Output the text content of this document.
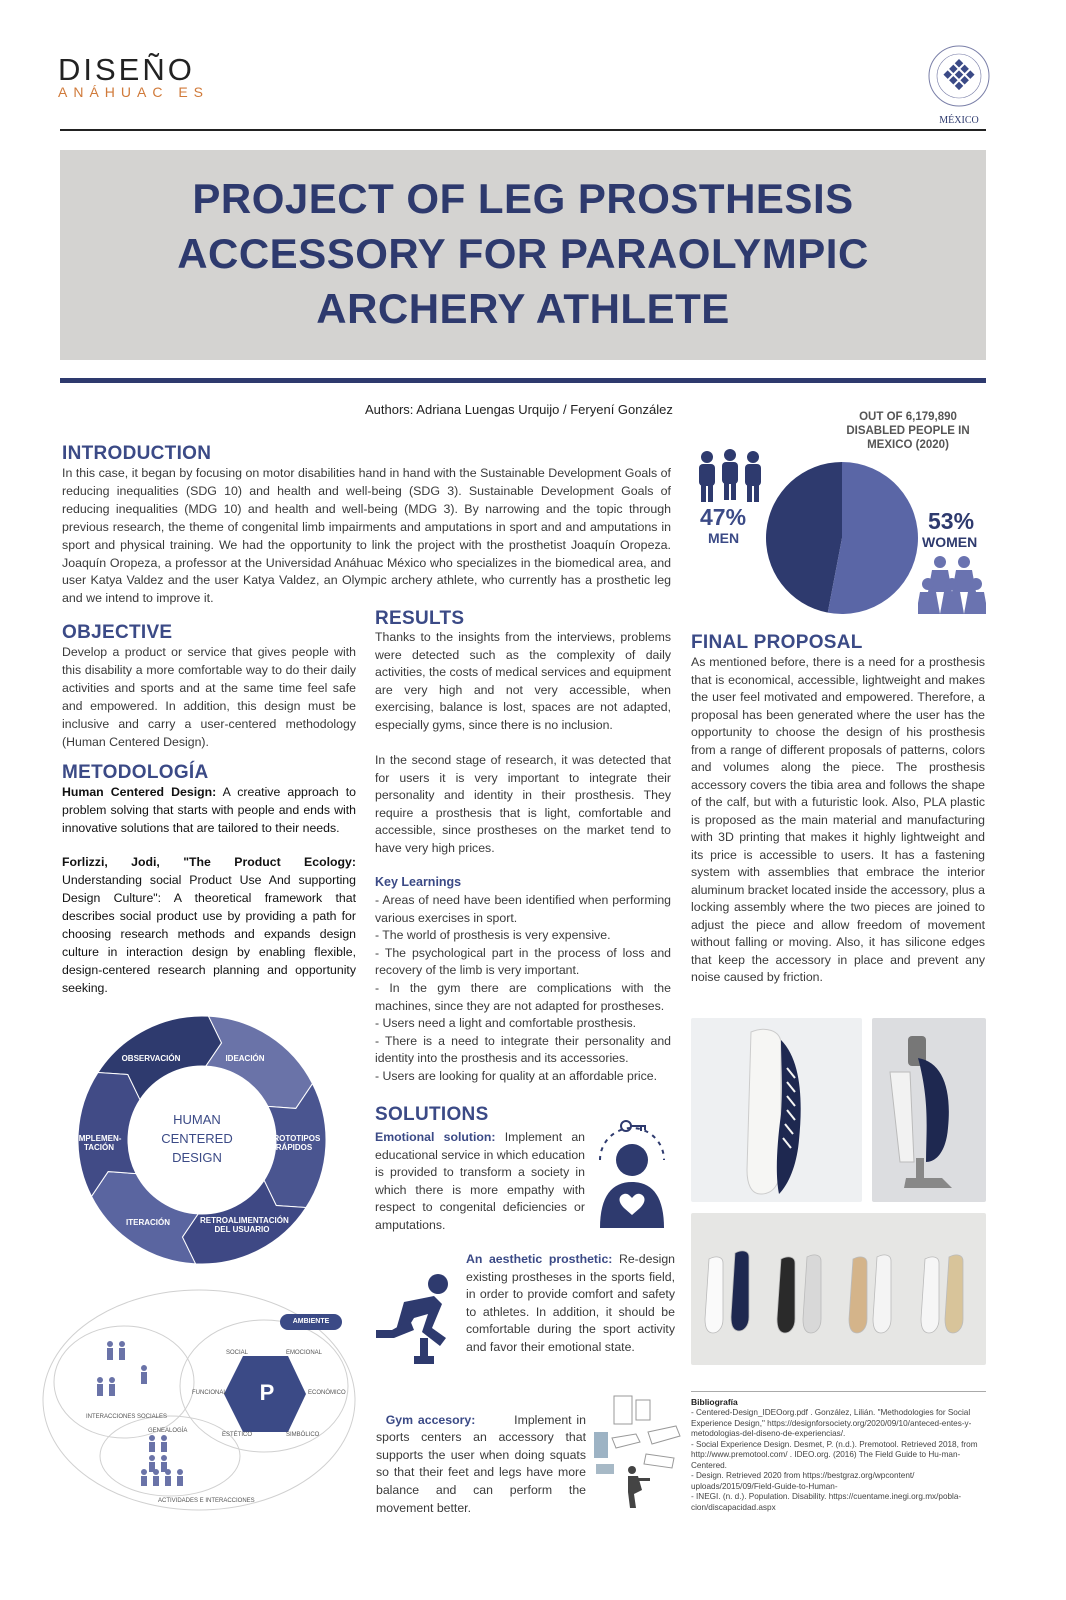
DISEÑO
ANÁHUAC ES
MÉXICO
PROJECT OF LEG PROSTHESIS
ACCESSORY FOR PARAOLYMPIC
ARCHERY ATHLETE
Authors: Adriana Luengas Urquijo / Feryení González	OUT OF 6,179,890
DISABLED PEOPLE IN
MEXICO (2020)
47%
MEN
53%
WOMEN
INTRODUCTION
In this case, it began by focusing on motor disabilities hand in hand with the Sustainable Development Goals of reducing inequalities (SDG 10) and health and well-being (SDG 3). Sustainable Development Goals of reducing inequalities (MDG 10) and health and well-being (MDG 3). By narrowing and the topic through previous research, the theme of congenital limb impairments and amputations in sport and and amputations in sport and physical training. We had the opportunity to link the project with the prosthetist Joaquín Oropeza. Joaquín Oropeza, a professor at the Universidad Anáhuac México who specializes in the biomedical area, and user Katya Valdez and the user Katya Valdez, an Olympic archery athlete, who currently has a prosthetic leg and we intend to improve it.
OBJECTIVE
Develop a product or service that gives people with this disability a more comfortable way to do their daily activities and sports and at the same time feel safe and empowered. In addition, this design must be inclusive and carry a user-centered methodology (Human Centered Design).
METODOLOGÍA
Human Centered Design: A creative approach to problem solving that starts with people and ends with innovative solutions that are tailored to their needs.
Forlizzi, Jodi, "The Product Ecology: Understanding social Product Use And supporting Design Culture": A theoretical framework that describes social product use by providing a path for choosing research methods and expands design culture in interaction design by enabling flexible, design-centered research planning and opportunity seeking.
HUMAN
CENTERED
DESIGN
OBSERVACIÓN	IDEACIÓN
PROTOTIPOS RÁPIDOS
RETROALIMENTACIÓN DEL USUARIO
ITERACIÓN
IMPLEMEN- TACIÓN
AMBIENTE
P
SOCIAL	EMOCIONAL
FUNCIONAL	ECONÓMICO
ESTÉTICO	SIMBÓLICO
INTERACCIONES SOCIALES
GENEALOGÍA
ACTIVIDADES E INTERACCIONES
RESULTS
Thanks to the insights from the interviews, problems were detected such as the complexity of daily activities, the costs of medical services and equipment are very high and not very accessible, when exercising, balance is lost, spaces are not adapted, especially gyms, since there is no inclusion.
In the second stage of research, it was detected that for users it is very important to integrate their personality and identity in their prosthesis. They require a prosthesis that is light, comfortable and accessible, since prostheses on the market tend to have very high prices.
Key Learnings
- Areas of need have been identified when performing various exercises in sport.
- The world of prosthesis is very expensive.
- The psychological part in the process of loss and recovery of the limb is very important.
- In the gym there are complications with the machines, since they are not adapted for prostheses.
- Users need a light and comfortable prosthesis.
- There is a need to integrate their personality and identity into the prosthesis and its accessories.
- Users are looking for quality at an affordable price.
SOLUTIONS
Emotional solution: Implement an educational service in which education is provided to transform a society in which there is more empathy with respect to congenital deficiencies or amputations.
An aesthetic prosthetic: Re-design existing prostheses in the sports field, in order to provide comfort and safety to athletes. In addition, it should be comfortable during the sport activity and favor their emotional state.

Gym accesory:        Implement in sports centers an accessory that supports the user when doing squats so that their feet and legs have more balance and can perform the movement better.

FINAL PROPOSAL
As mentioned before, there is a need for a prosthesis that is economical, accessible, lightweight and makes the user feel motivated and empowered. Therefore, a proposal has been generated where the user has the opportunity to choose the design of his prosthesis from a range of different proposals of patterns, colors and volumes along the piece. The prosthesis accessory covers the tibia area and follows the shape of the calf, but with a futuristic look. Also, PLA plastic is proposed as the main material and manufacturing with 3D printing that makes it highly lightweight and its price is accessible to users. It has a fastening system with assemblies that embrace the interior aluminum bracket located inside the accessory, plus a locking assembly where the two pieces are joined to adjust the piece and allow freedom of movement without falling or moving. Also, it has silicone edges that keep the accessory in place and prevent any noise caused by friction.
Bibliografía
- Centered-Design_IDEOorg.pdf . González, Lilián. "Methodologies for Social Experience Design," https://designforsociety.org/2020/09/10/anteced-entes-y-metodologias-del-diseno-de-experiencias/.
- Social Experience Design. Desmet, P. (n.d.). Premotool. Retrieved 2018, from http://www.premotool.com/ . IDEO.org. (2016) The Field Guide to Hu-man-Centered.
- Design. Retrieved 2020 from https://bestgraz.org/wpcontent/ uploads/2015/09/Field-Guide-to-Human-
- INEGI. (n. d.). Population. Disability. https://cuentame.inegi.org.mx/pobla-cion/discapacidad.aspx
